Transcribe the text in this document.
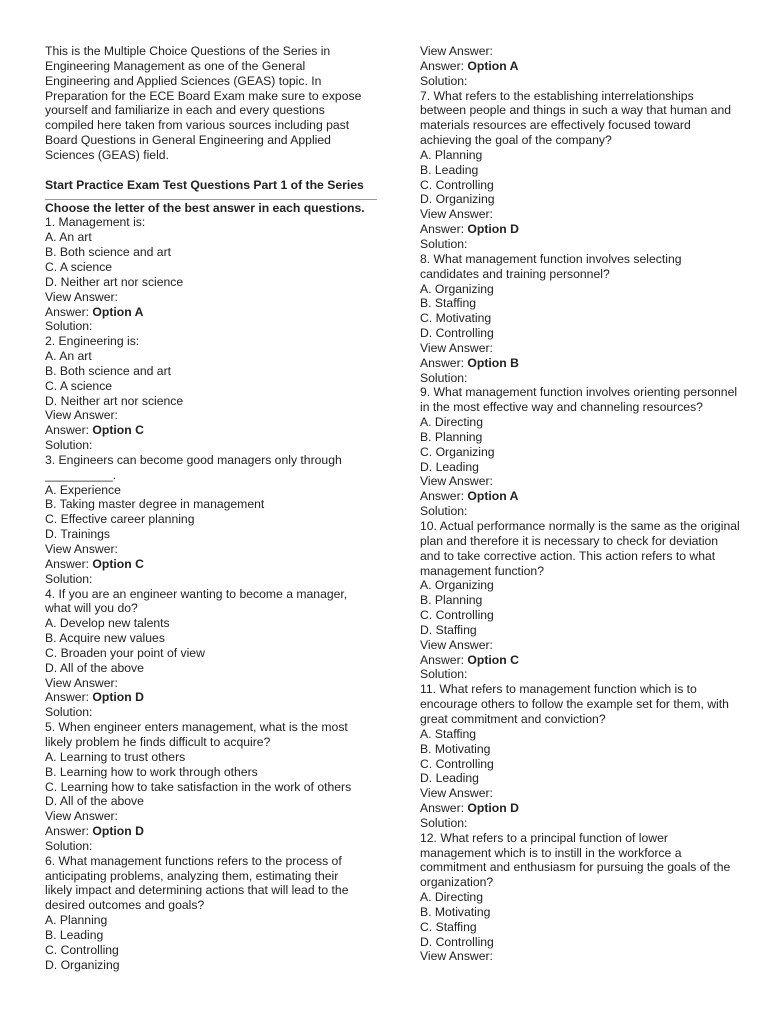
This is the Multiple Choice Questions of the Series in
Engineering Management as one of the General
Engineering and Applied Sciences (GEAS) topic. In
Preparation for the ECE Board Exam make sure to expose
yourself and familiarize in each and every questions
compiled here taken from various sources including past
Board Questions in General Engineering and Applied
Sciences (GEAS) field.
Start Practice Exam Test Questions Part 1 of the Series
Choose the letter of the best answer in each questions.
1. Management is:
A. An art
B. Both science and art
C. A science
D. Neither art nor science
View Answer:
Answer: Option A
Solution:
2. Engineering is:
A. An art
B. Both science and art
C. A science
D. Neither art nor science
View Answer:
Answer: Option C
Solution:
3. Engineers can become good managers only through
__________.
A. Experience
B. Taking master degree in management
C. Effective career planning
D. Trainings
View Answer:
Answer: Option C
Solution:
4. If you are an engineer wanting to become a manager,
what will you do?
A. Develop new talents
B. Acquire new values
C. Broaden your point of view
D. All of the above
View Answer:
Answer: Option D
Solution:
5. When engineer enters management, what is the most
likely problem he finds difficult to acquire?
A. Learning to trust others
B. Learning how to work through others
C. Learning how to take satisfaction in the work of others
D. All of the above
View Answer:
Answer: Option D
Solution:
6. What management functions refers to the process of
anticipating problems, analyzing them, estimating their
likely impact and determining actions that will lead to the
desired outcomes and goals?
A. Planning
B. Leading
C. Controlling
D. Organizing
View Answer:
Answer: Option A
Solution:
7. What refers to the establishing interrelationships
between people and things in such a way that human and
materials resources are effectively focused toward
achieving the goal of the company?
A. Planning
B. Leading
C. Controlling
D. Organizing
View Answer:
Answer: Option D
Solution:
8. What management function involves selecting
candidates and training personnel?
A. Organizing
B. Staffing
C. Motivating
D. Controlling
View Answer:
Answer: Option B
Solution:
9. What management function involves orienting personnel
in the most effective way and channeling resources?
A. Directing
B. Planning
C. Organizing
D. Leading
View Answer:
Answer: Option A
Solution:
10. Actual performance normally is the same as the original
plan and therefore it is necessary to check for deviation
and to take corrective action. This action refers to what
management function?
A. Organizing
B. Planning
C. Controlling
D. Staffing
View Answer:
Answer: Option C
Solution:
11. What refers to management function which is to
encourage others to follow the example set for them, with
great commitment and conviction?
A. Staffing
B. Motivating
C. Controlling
D. Leading
View Answer:
Answer: Option D
Solution:
12. What refers to a principal function of lower
management which is to instill in the workforce a
commitment and enthusiasm for pursuing the goals of the
organization?
A. Directing
B. Motivating
C. Staffing
D. Controlling
View Answer:
